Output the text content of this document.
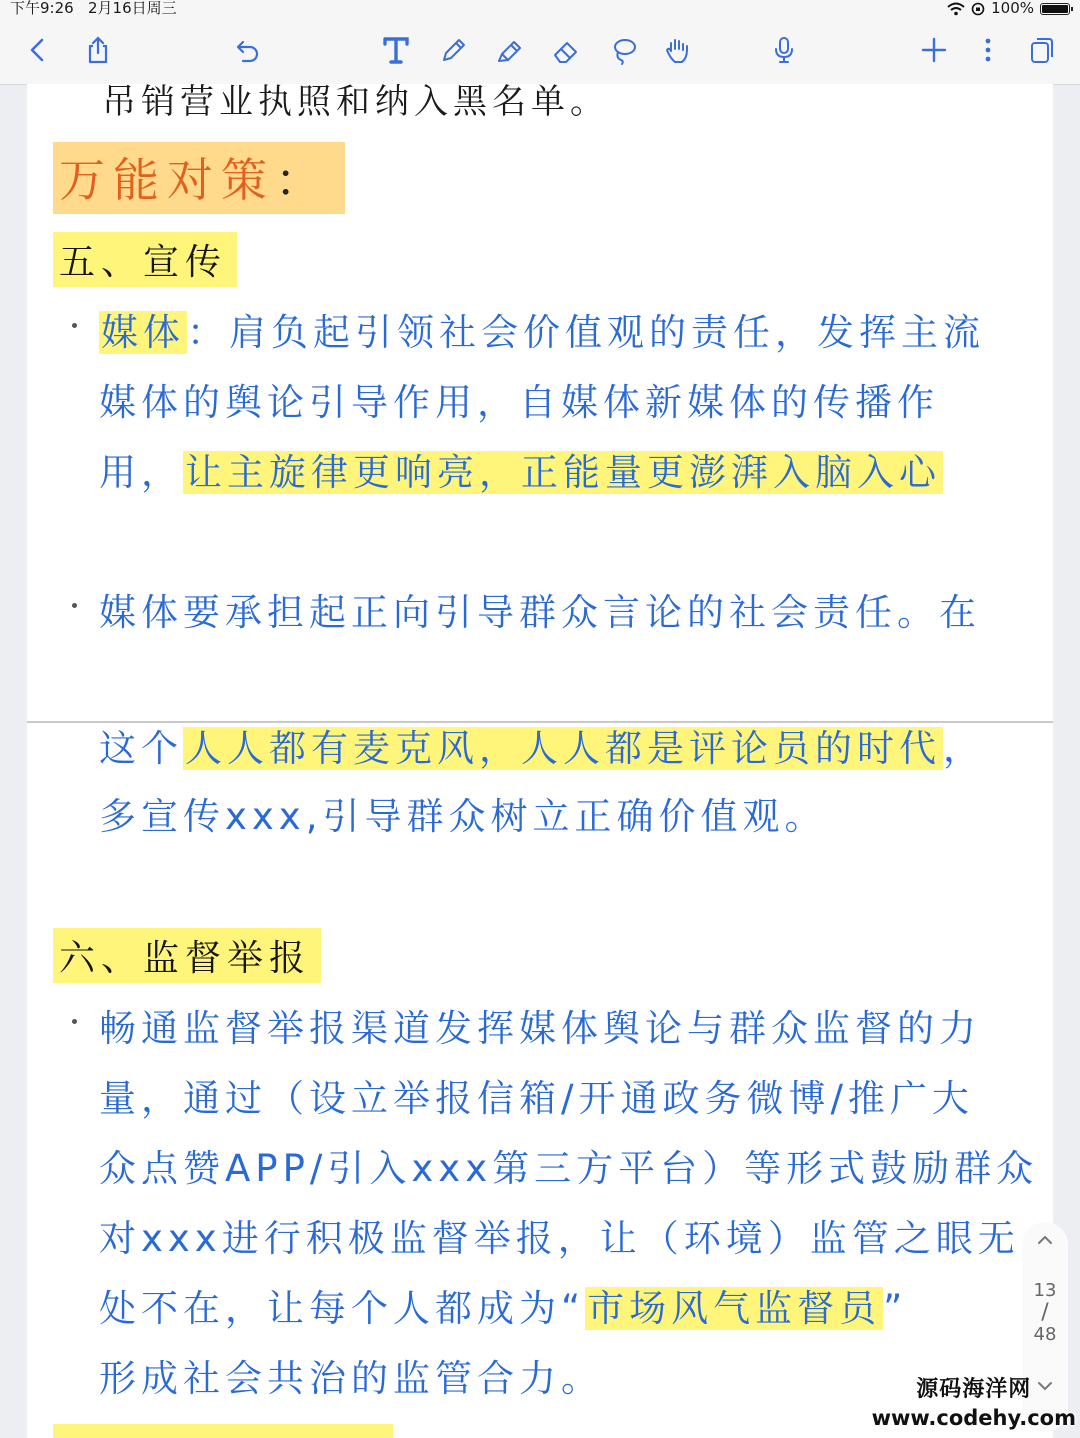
下午9:26 2月16日周三	100%
吊销营业执照和纳入黑名单。
万能对策：
五、宣传
媒体：肩负起引领社会价值观的责任，发挥主流
媒体的舆论引导作用，自媒体新媒体的传播作
用，让主旋律更响亮，正能量更澎湃入脑入心
媒体要承担起正向引导群众言论的社会责任。在
这个人人都有麦克风，人人都是评论员的时代，
多宣传xxx,引导群众树立正确价值观。
六、监督举报
畅通监督举报渠道发挥媒体舆论与群众监督的力
量，通过（设立举报信箱/开通政务微博/推广大
众点赞APP/引入xxx第三方平台）等形式鼓励群众
对xxx进行积极监督举报，让（环境）监管之眼无
处不在，让每个人都成为“市场风气监督员”
形成社会共治的监管合力。
13
/
48
源码海洋网
www.codehy.com
